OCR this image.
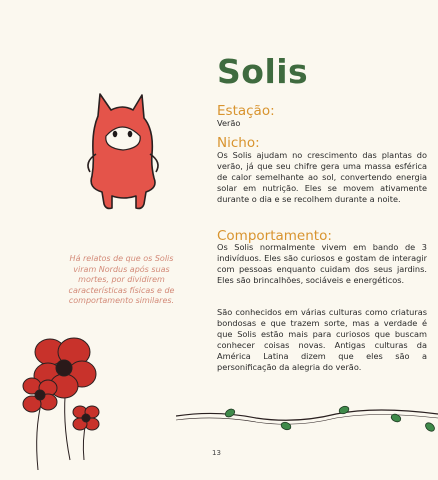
Solis
Estação:

Verão

Nicho:

Os Solis ajudam no crescimento das plantas do verão, já que seu chifre gera uma massa esférica de calor semelhante ao sol, convertendo energia solar em nutrição. Eles se movem ativamente durante o dia e se recolhem durante a noite.

Comportamento:

Os Solis normalmente vivem em bando de 3 indivíduos. Eles são curiosos e gostam de interagir com pessoas enquanto cuidam dos seus jardins. Eles são brincalhões, sociáveis e energéticos.

São conhecidos em várias culturas como criaturas bondosas e que trazem sorte, mas a verdade é que Solis estão mais para curiosos que buscam conhecer coisas novas. Antigas culturas da América Latina dizem que eles são a personificação da alegria do verão.

Há relatos de que os Solis viram Nordus após suas mortes, por dividirem características físicas e de comportamento similares.

13
